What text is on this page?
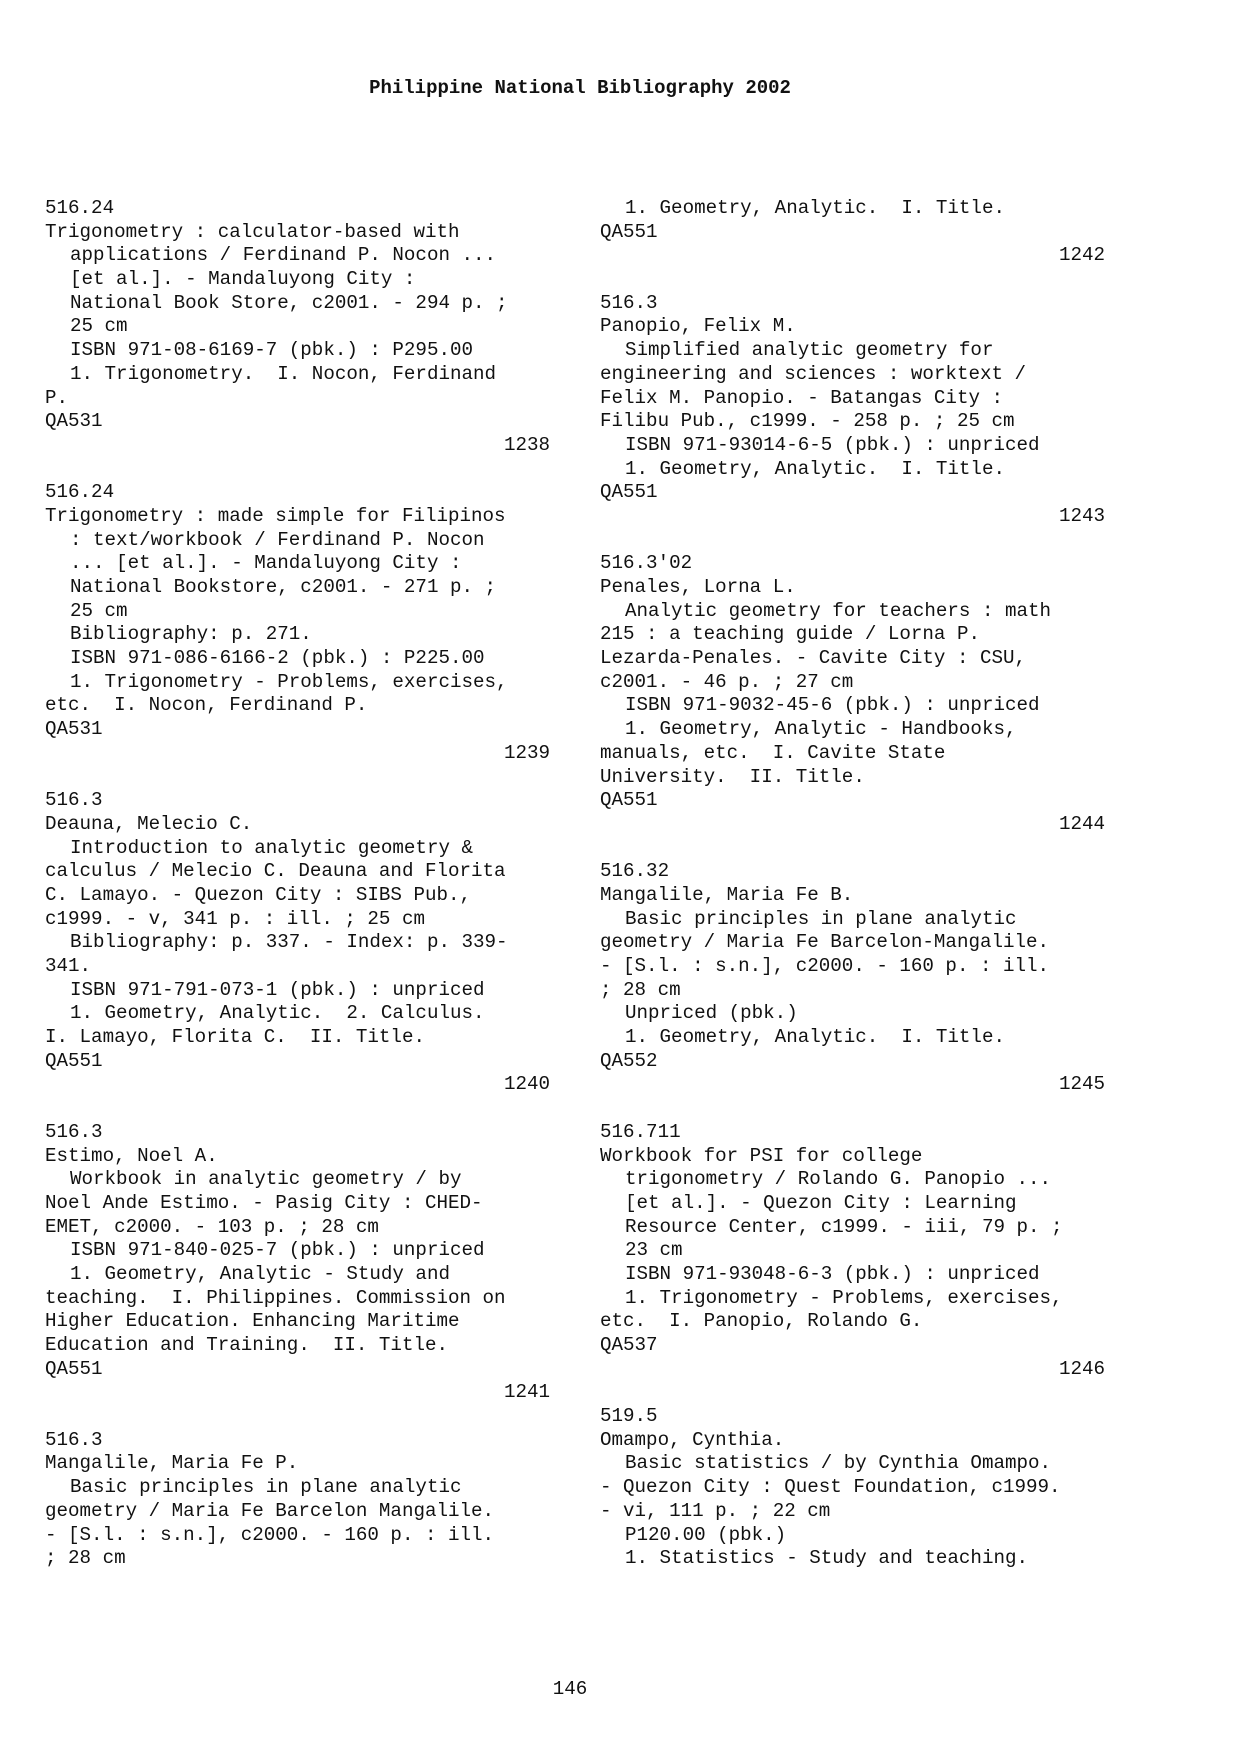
Philippine National Bibliography 2002
516.24
Trigonometry : calculator-based with
applications / Ferdinand P. Nocon ...
[et al.]. - Mandaluyong City :
National Book Store, c2001. - 294 p. ;
25 cm
ISBN 971-08-6169-7 (pbk.) : P295.00
1. Trigonometry.  I. Nocon, Ferdinand
P.
QA531
1238
516.24
Trigonometry : made simple for Filipinos
: text/workbook / Ferdinand P. Nocon
... [et al.]. - Mandaluyong City :
National Bookstore, c2001. - 271 p. ;
25 cm
Bibliography: p. 271.
ISBN 971-086-6166-2 (pbk.) : P225.00
1. Trigonometry - Problems, exercises,
etc.  I. Nocon, Ferdinand P.
QA531
1239
516.3
Deauna, Melecio C.
Introduction to analytic geometry &
calculus / Melecio C. Deauna and Florita
C. Lamayo. - Quezon City : SIBS Pub.,
c1999. - v, 341 p. : ill. ; 25 cm
Bibliography: p. 337. - Index: p. 339-
341.
ISBN 971-791-073-1 (pbk.) : unpriced
1. Geometry, Analytic.  2. Calculus.
I. Lamayo, Florita C.  II. Title.
QA551
1240
516.3
Estimo, Noel A.
Workbook in analytic geometry / by
Noel Ande Estimo. - Pasig City : CHED-
EMET, c2000. - 103 p. ; 28 cm
ISBN 971-840-025-7 (pbk.) : unpriced
1. Geometry, Analytic - Study and
teaching.  I. Philippines. Commission on
Higher Education. Enhancing Maritime
Education and Training.  II. Title.
QA551
1241
516.3
Mangalile, Maria Fe P.
Basic principles in plane analytic
geometry / Maria Fe Barcelon Mangalile.
- [S.l. : s.n.], c2000. - 160 p. : ill.
; 28 cm
1. Geometry, Analytic.  I. Title.
QA551
1242
516.3
Panopio, Felix M.
Simplified analytic geometry for
engineering and sciences : worktext /
Felix M. Panopio. - Batangas City :
Filibu Pub., c1999. - 258 p. ; 25 cm
ISBN 971-93014-6-5 (pbk.) : unpriced
1. Geometry, Analytic.  I. Title.
QA551
1243
516.3'02
Penales, Lorna L.
Analytic geometry for teachers : math
215 : a teaching guide / Lorna P.
Lezarda-Penales. - Cavite City : CSU,
c2001. - 46 p. ; 27 cm
ISBN 971-9032-45-6 (pbk.) : unpriced
1. Geometry, Analytic - Handbooks,
manuals, etc.  I. Cavite State
University.  II. Title.
QA551
1244
516.32
Mangalile, Maria Fe B.
Basic principles in plane analytic
geometry / Maria Fe Barcelon-Mangalile.
- [S.l. : s.n.], c2000. - 160 p. : ill.
; 28 cm
Unpriced (pbk.)
1. Geometry, Analytic.  I. Title.
QA552
1245
516.711
Workbook for PSI for college
trigonometry / Rolando G. Panopio ...
[et al.]. - Quezon City : Learning
Resource Center, c1999. - iii, 79 p. ;
23 cm
ISBN 971-93048-6-3 (pbk.) : unpriced
1. Trigonometry - Problems, exercises,
etc.  I. Panopio, Rolando G.
QA537
1246
519.5
Omampo, Cynthia.
Basic statistics / by Cynthia Omampo.
- Quezon City : Quest Foundation, c1999.
- vi, 111 p. ; 22 cm
P120.00 (pbk.)
1. Statistics - Study and teaching.
146
